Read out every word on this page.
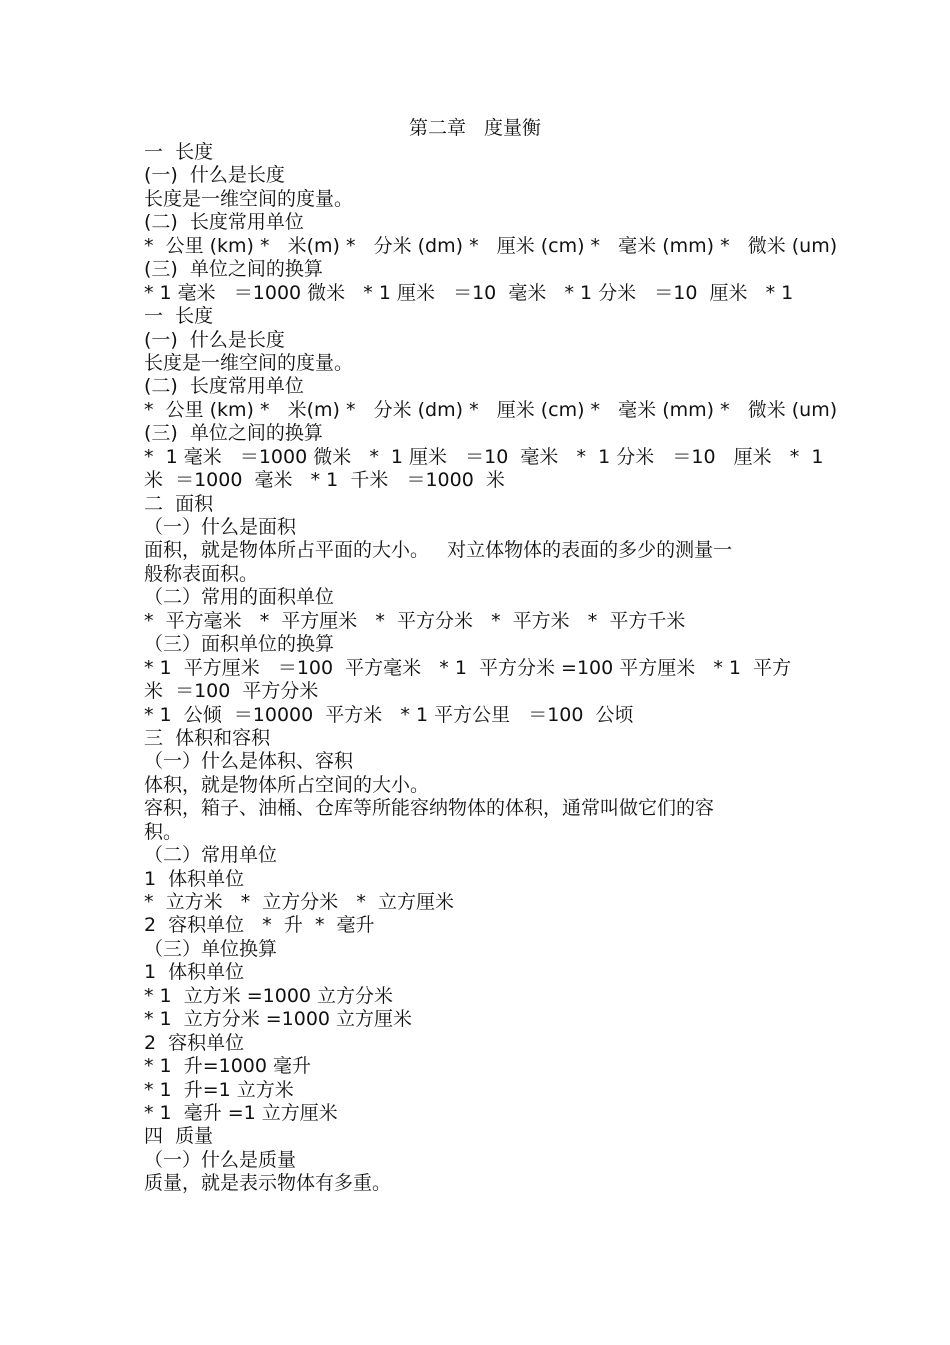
第二章   度量衡
一  长度
(一)  什么是长度
长度是一维空间的度量。
(二)  长度常用单位
*  公里 (km) *   米(m) *   分米 (dm) *   厘米 (cm) *   毫米 (mm) *   微米 (um)
(三)  单位之间的换算
* 1 毫米   ＝1000 微米   * 1 厘米   ＝10  毫米   * 1 分米   ＝10  厘米   * 1
一  长度
(一)  什么是长度
长度是一维空间的度量。
(二)  长度常用单位
*  公里 (km) *   米(m) *   分米 (dm) *   厘米 (cm) *   毫米 (mm) *   微米 (um)
(三)  单位之间的换算
*  1 毫米   ＝1000 微米   *  1 厘米   ＝10  毫米   *  1 分米   ＝10   厘米   *  1
米  ＝1000  毫米   * 1  千米   ＝1000  米
二  面积
（一）什么是面积
面积，就是物体所占平面的大小。   对立体物体的表面的多少的测量一
般称表面积。
（二）常用的面积单位
*  平方毫米   *  平方厘米   *  平方分米   *  平方米   *  平方千米
（三）面积单位的换算
* 1  平方厘米   ＝100  平方毫米   * 1  平方分米 =100 平方厘米   * 1  平方
米  ＝100  平方分米
* 1  公倾  ＝10000  平方米   * 1 平方公里   ＝100  公顷
三  体积和容积
（一）什么是体积、容积
体积，就是物体所占空间的大小。
容积，箱子、油桶、仓库等所能容纳物体的体积，通常叫做它们的容
积。
（二）常用单位
1  体积单位
*  立方米   *  立方分米   *  立方厘米
2  容积单位   *  升  *  毫升
（三）单位换算
1  体积单位
* 1  立方米 =1000 立方分米
* 1  立方分米 =1000 立方厘米
2  容积单位
* 1  升=1000 毫升
* 1  升=1 立方米
* 1  毫升 =1 立方厘米
四  质量
（一）什么是质量
质量，就是表示物体有多重。
